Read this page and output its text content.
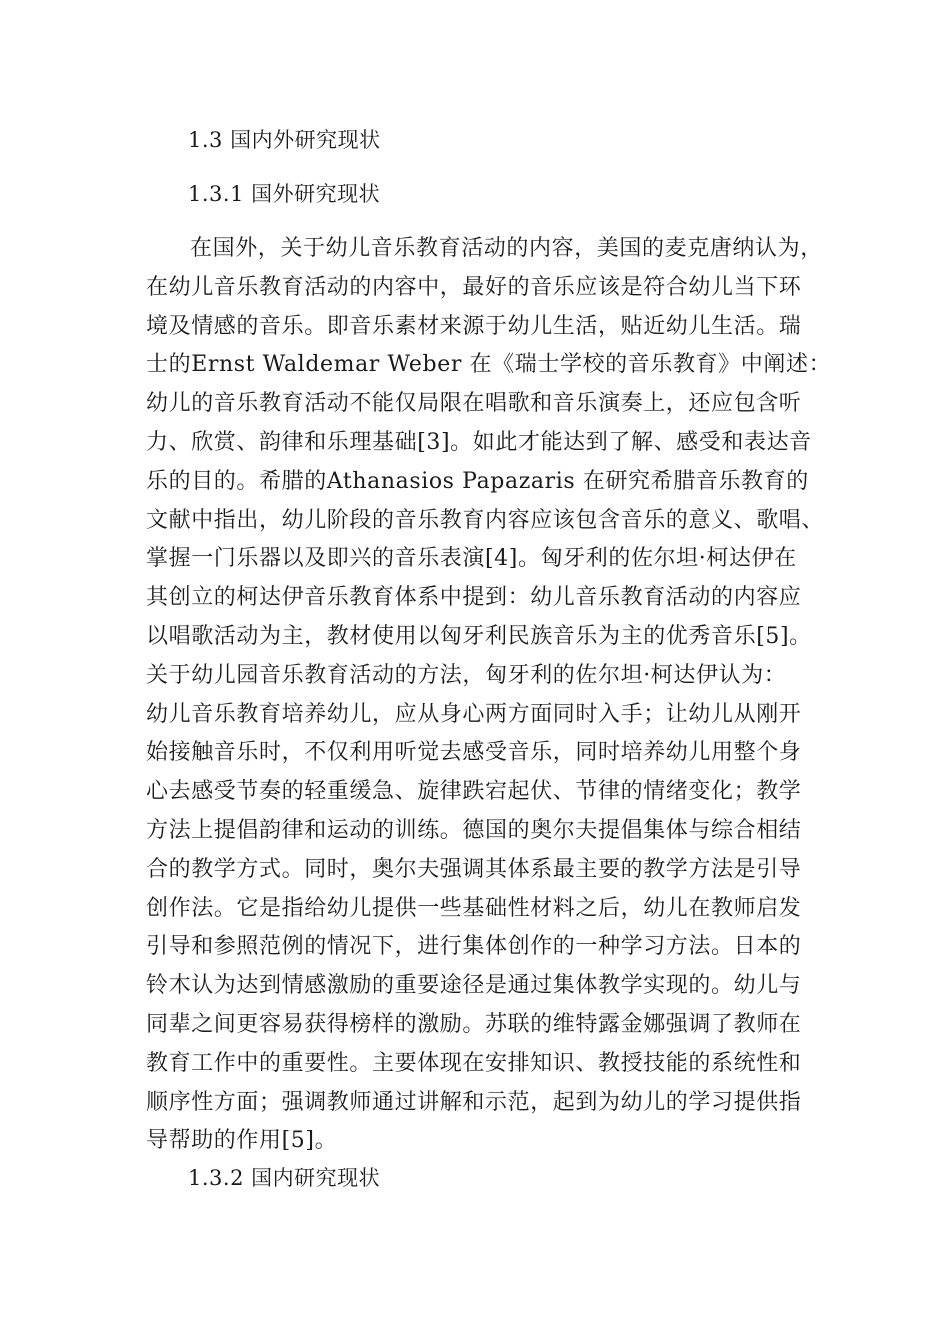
1.3 国内外研究现状
1.3.1 国外研究现状
在国外，关于幼儿音乐教育活动的内容，美国的麦克唐纳认为，
在幼儿音乐教育活动的内容中，最好的音乐应该是符合幼儿当下环
境及情感的音乐。即音乐素材来源于幼儿生活，贴近幼儿生活。瑞
士的Ernst Waldemar Weber 在《瑞士学校的音乐教育》中阐述：
幼儿的音乐教育活动不能仅局限在唱歌和音乐演奏上，还应包含听
力、欣赏、韵律和乐理基础[3]。如此才能达到了解、感受和表达音
乐的目的。希腊的Athanasios Papazaris 在研究希腊音乐教育的
文献中指出，幼儿阶段的音乐教育内容应该包含音乐的意义、歌唱、
掌握一门乐器以及即兴的音乐表演[4]。匈牙利的佐尔坦·柯达伊在
其创立的柯达伊音乐教育体系中提到：幼儿音乐教育活动的内容应
以唱歌活动为主，教材使用以匈牙利民族音乐为主的优秀音乐[5]。
关于幼儿园音乐教育活动的方法，匈牙利的佐尔坦·柯达伊认为：
幼儿音乐教育培养幼儿，应从身心两方面同时入手；让幼儿从刚开
始接触音乐时，不仅利用听觉去感受音乐，同时培养幼儿用整个身
心去感受节奏的轻重缓急、旋律跌宕起伏、节律的情绪变化；教学
方法上提倡韵律和运动的训练。德国的奥尔夫提倡集体与综合相结
合的教学方式。同时，奥尔夫强调其体系最主要的教学方法是引导
创作法。它是指给幼儿提供一些基础性材料之后，幼儿在教师启发
引导和参照范例的情况下，进行集体创作的一种学习方法。日本的
铃木认为达到情感激励的重要途径是通过集体教学实现的。幼儿与
同辈之间更容易获得榜样的激励。苏联的维特露金娜强调了教师在
教育工作中的重要性。主要体现在安排知识、教授技能的系统性和
顺序性方面；强调教师通过讲解和示范，起到为幼儿的学习提供指
导帮助的作用[5]。
1.3.2 国内研究现状
